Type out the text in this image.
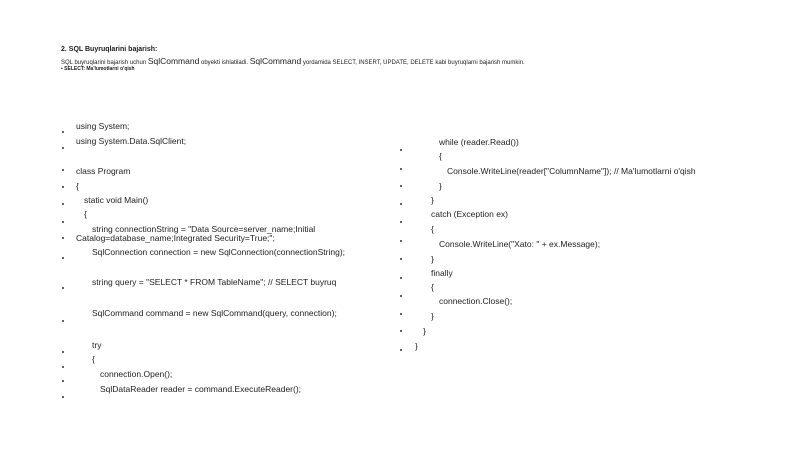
2. SQL Buyruqlarini bajarish:
SQL buyruqlarini bajarish uchun SqlCommand obyekti ishlatiladi. SqlCommand yordamida SELECT, INSERT, UPDATE, DELETE kabi buyruqlarni bajarish mumkin.
▪ SELECT: Ma'lumotlarni o'qish
using System;
using System.Data.SqlClient;
class Program
{
static void Main()
{
string connectionString = "Data Source=server_name;Initial
Catalog=database_name;Integrated Security=True;";
SqlConnection connection = new SqlConnection(connectionString);
string query = "SELECT * FROM TableName"; // SELECT buyruq
SqlCommand command = new SqlCommand(query, connection);
try
{
connection.Open();
SqlDataReader reader = command.ExecuteReader();
while (reader.Read())
{
Console.WriteLine(reader["ColumnName"]); // Ma'lumotlarni o'qish
}
}
catch (Exception ex)
{
Console.WriteLine("Xato: " + ex.Message);
}
finally
{
connection.Close();
}
}
}
